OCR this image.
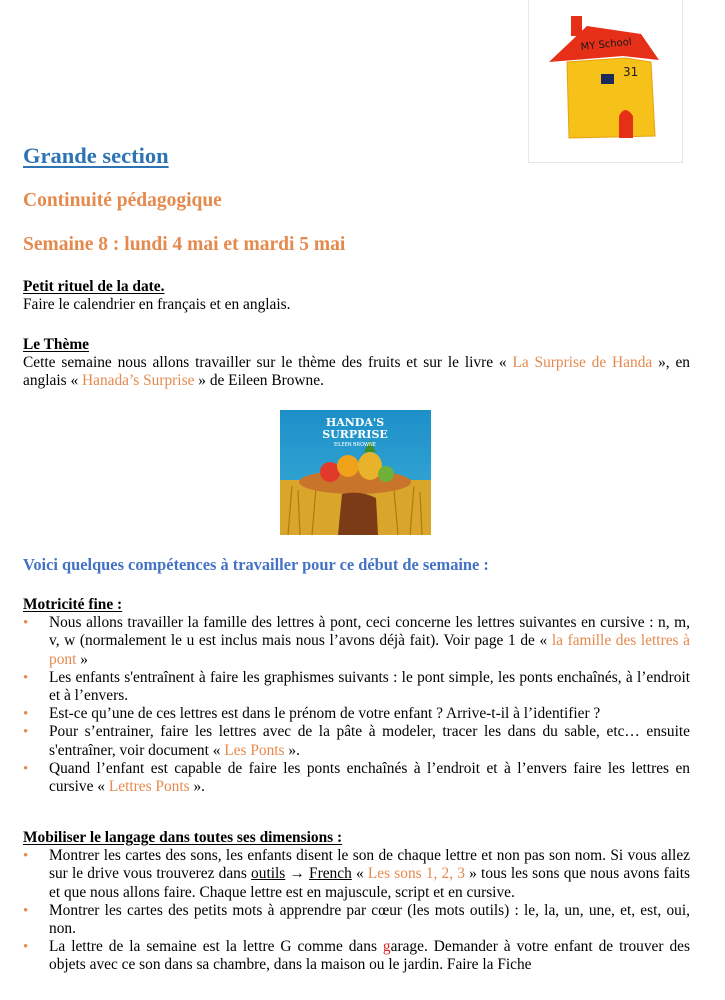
MY School
31
Grande section
Continuité pédagogique
Semaine 8 : lundi 4 mai et mardi 5 mai
Petit rituel de la date.
Faire le calendrier en français et en anglais.
Le Thème
Cette semaine nous allons travailler sur le thème des fruits et sur le livre « La Surprise de Handa », en anglais « Hanada’s Surprise » de Eileen Browne.
HANDA'S
SURPRISE
EILEEN BROWNE
Voici quelques compétences à travailler pour ce début de semaine :
Motricité fine :
• Nous allons travailler la famille des lettres à pont, ceci concerne les lettres suivantes en cursive : n, m, v, w (normalement le u est inclus mais nous l’avons déjà fait). Voir page 1 de « la famille des lettres à pont »
• Les enfants s'entraînent à faire les graphismes suivants : le pont simple, les ponts enchaînés, à l’endroit et à l’envers.
• Est-ce qu’une de ces lettres est dans le prénom de votre enfant ? Arrive-t-il à l’identifier ?
• Pour s’entrainer, faire les lettres avec de la pâte à modeler, tracer les dans du sable, etc… ensuite s'entraîner, voir document « Les Ponts ».
• Quand l’enfant est capable de faire les ponts enchaînés à l’endroit et à l’envers faire les lettres en cursive « Lettres Ponts ».
Mobiliser le langage dans toutes ses dimensions :
• Montrer les cartes des sons, les enfants disent le son de chaque lettre et non pas son nom. Si vous allez sur le drive vous trouverez dans outils → French « Les sons 1, 2, 3 » tous les sons que nous avons faits et que nous allons faire. Chaque lettre est en majuscule, script et en cursive.
• Montrer les cartes des petits mots à apprendre par cœur (les mots outils) : le, la, un, une, et, est, oui, non.
• La lettre de la semaine est la lettre G comme dans garage. Demander à votre enfant de trouver des objets avec ce son dans sa chambre, dans la maison ou le jardin. Faire la Fiche
